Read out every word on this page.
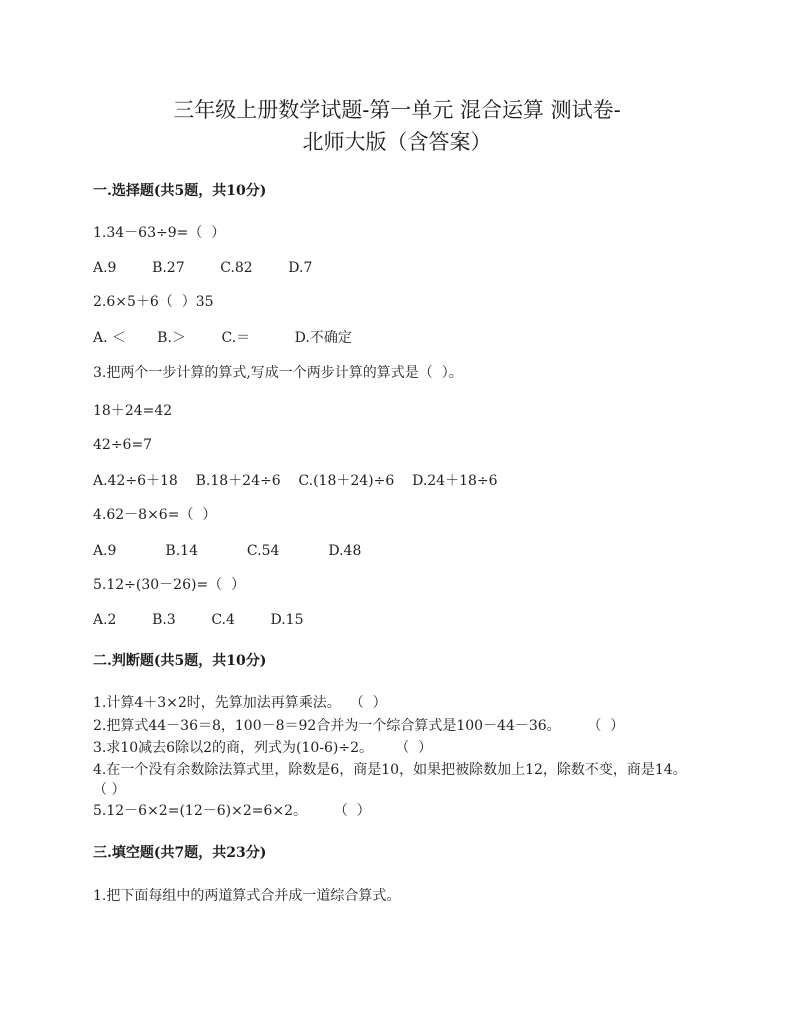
三年级上册数学试题-第一单元 混合运算 测试卷-
北师大版（含答案）
一.选择题(共5题，共10分)
1.34－63÷9=（  ）
A.9        B.27        C.82        D.7
2.6×5＋6（  ）35
A. ＜       B.＞        C.＝          D.不确定
3.把两个一步计算的算式,写成一个两步计算的算式是（  ）。
18＋24=42
42÷6=7
A.42÷6＋18    B.18＋24÷6    C.(18＋24)÷6    D.24＋18÷6
4.62－8×6=（  ）
A.9           B.14           C.54           D.48
5.12÷(30－26)=（  ）
A.2        B.3        C.4        D.15
二.判断题(共5题，共10分)
1.计算4＋3×2时，先算加法再算乘法。  （  ）
2.把算式44－36＝8，100－8＝92合并为一个综合算式是100－44－36。      （  ）
3.求10减去6除以2的商，列式为(10-6)÷2。     （  ）
4.在一个没有余数除法算式里，除数是6，商是10，如果把被除数加上12，除数不变，商是14。 （ ）
5.12－6×2=(12－6)×2=6×2。      （  ）
三.填空题(共7题，共23分)
1.把下面每组中的两道算式合并成一道综合算式。
